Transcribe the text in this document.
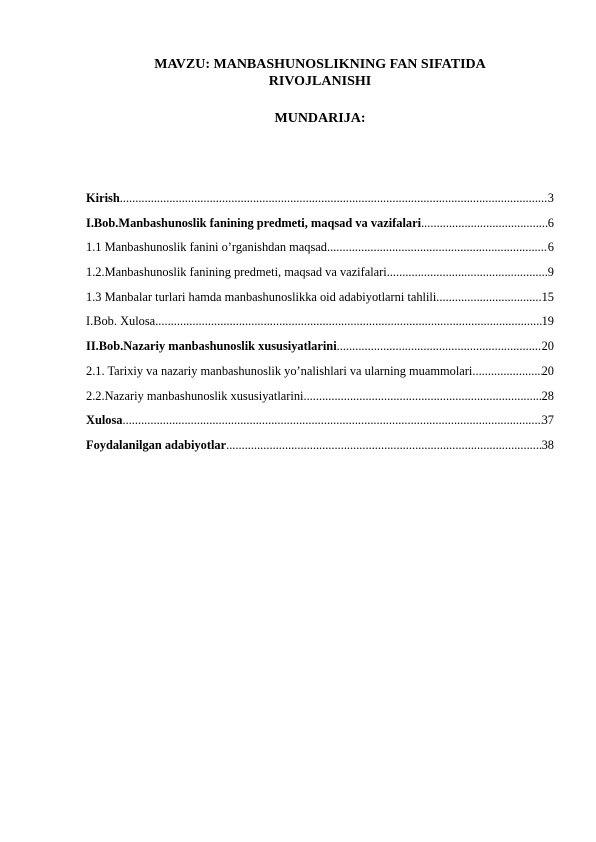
MAVZU: MANBASHUNOSLIKNING FAN SIFATIDA
RIVOJLANISHI
MUNDARIJA:
Kirish .....	3
I.Bob.Manbashunoslik fanining predmeti, maqsad va vazifalari .....	6
1.1 Manbashunoslik fanini o’rganishdan maqsad .....	6
1.2.Manbashunoslik fanining predmeti, maqsad va vazifalari .....	9
1.3 Manbalar turlari hamda manbashunoslikka oid adabiyotlarni tahlili .....	15
I.Bob. Xulosa .....	19
II.Bob.Nazariy manbashunoslik xususiyatlarini .....	20
2.1. Tarixiy va nazariy manbashunoslik yo’nalishlari va ularning muammolari .....	20
2.2.Nazariy manbashunoslik xususiyatlarini .....	28
Xulosa .....	37
Foydalanilgan adabiyotlar .....	38
